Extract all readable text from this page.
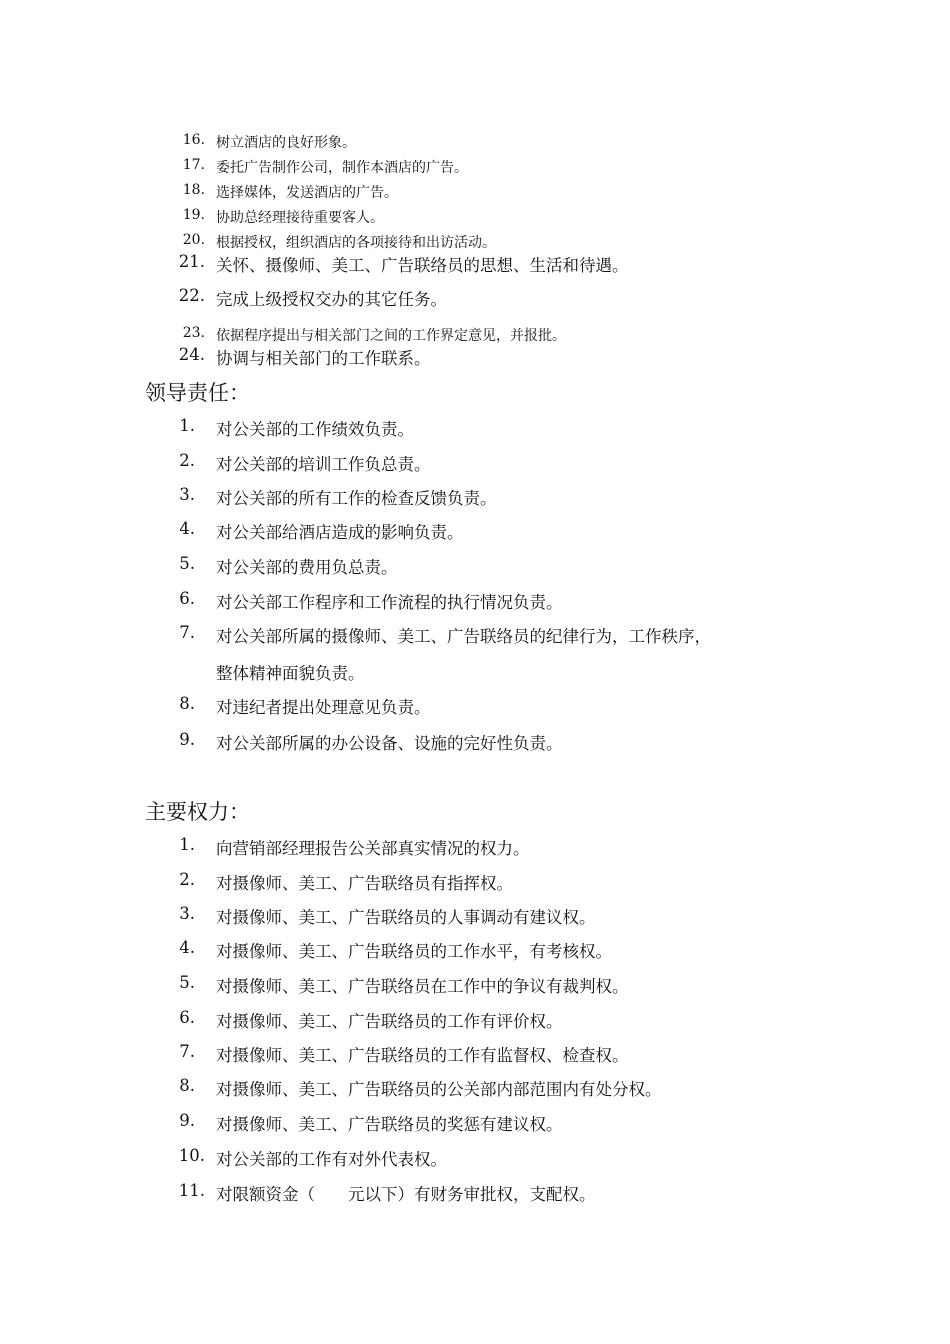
16. 树立酒店的良好形象。
17. 委托广告制作公司，制作本酒店的广告。
18. 选择媒体，发送酒店的广告。
19. 协助总经理接待重要客人。
20. 根据授权，组织酒店的各项接待和出访活动。
21. 关怀、摄像师、美工、广告联络员的思想、生活和待遇。
22. 完成上级授权交办的其它任务。
23. 依据程序提出与相关部门之间的工作界定意见，并报批。
24. 协调与相关部门的工作联系。
领导责任：
1. 对公关部的工作绩效负责。
2. 对公关部的培训工作负总责。
3. 对公关部的所有工作的检查反馈负责。
4. 对公关部给酒店造成的影响负责。
5. 对公关部的费用负总责。
6. 对公关部工作程序和工作流程的执行情况负责。
7. 对公关部所属的摄像师、美工、广告联络员的纪律行为，工作秩序，
整体精神面貌负责。
8. 对违纪者提出处理意见负责。
9. 对公关部所属的办公设备、设施的完好性负责。
主要权力：
1. 向营销部经理报告公关部真实情况的权力。
2. 对摄像师、美工、广告联络员有指挥权。
3. 对摄像师、美工、广告联络员的人事调动有建议权。
4. 对摄像师、美工、广告联络员的工作水平，有考核权。
5. 对摄像师、美工、广告联络员在工作中的争议有裁判权。
6. 对摄像师、美工、广告联络员的工作有评价权。
7. 对摄像师、美工、广告联络员的工作有监督权、检查权。
8. 对摄像师、美工、广告联络员的公关部内部范围内有处分权。
9. 对摄像师、美工、广告联络员的奖惩有建议权。
10. 对公关部的工作有对外代表权。
11. 对限额资金（　　元以下）有财务审批权，支配权。
